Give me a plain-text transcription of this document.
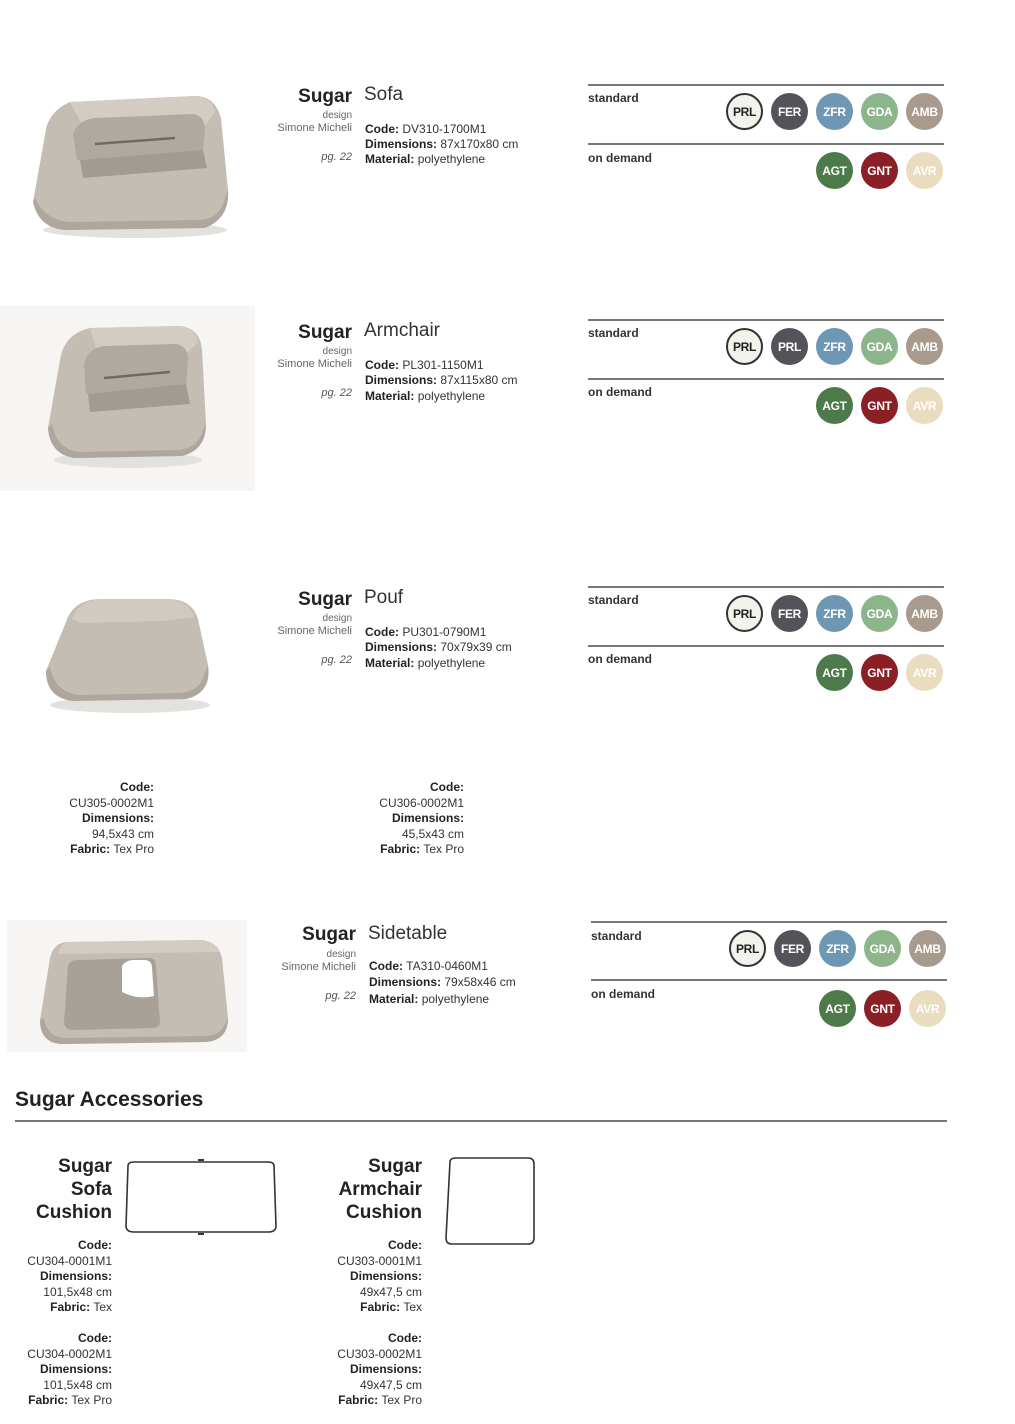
Sugar Sofa
design
Simone Micheli
pg. 22
Code: DV310-1700M1
Dimensions: 87x170x80 cm
Material: polyethylene
standard
on demand
PRL	FER	ZFR	GDA	AMB
AGT	GNT	AVR
Sugar Armchair
design
Simone Micheli
pg. 22
Code: PL301-1150M1
Dimensions: 87x115x80 cm
Material: polyethylene
standard
on demand
PRL	PRL	ZFR	GDA	AMB
AGT	GNT	AVR
Sugar Pouf
design
Simone Micheli
pg. 22
Code: PU301-0790M1
Dimensions: 70x79x39 cm
Material: polyethylene
standard
on demand
PRL	FER	ZFR	GDA	AMB
AGT	GNT	AVR
Code:
CU305-0002M1
Dimensions:
94,5x43 cm
Fabric: Tex Pro
Code:
CU306-0002M1
Dimensions:
45,5x43 cm
Fabric: Tex Pro
Sugar Sidetable
design
Simone Micheli
pg. 22
Code: TA310-0460M1
Dimensions: 79x58x46 cm
Material: polyethylene
standard
on demand
PRL	FER	ZFR	GDA	AMB
AGT	GNT	AVR
Sugar Accessories
Sugar
Sofa
Cushion
Code:
CU304-0001M1
Dimensions:
101,5x48 cm
Fabric: Tex
Code:
CU304-0002M1
Dimensions:
101,5x48 cm
Fabric: Tex Pro
Sugar
Armchair
Cushion
Code:
CU303-0001M1
Dimensions:
49x47,5 cm
Fabric: Tex
Code:
CU303-0002M1
Dimensions:
49x47,5 cm
Fabric: Tex Pro
